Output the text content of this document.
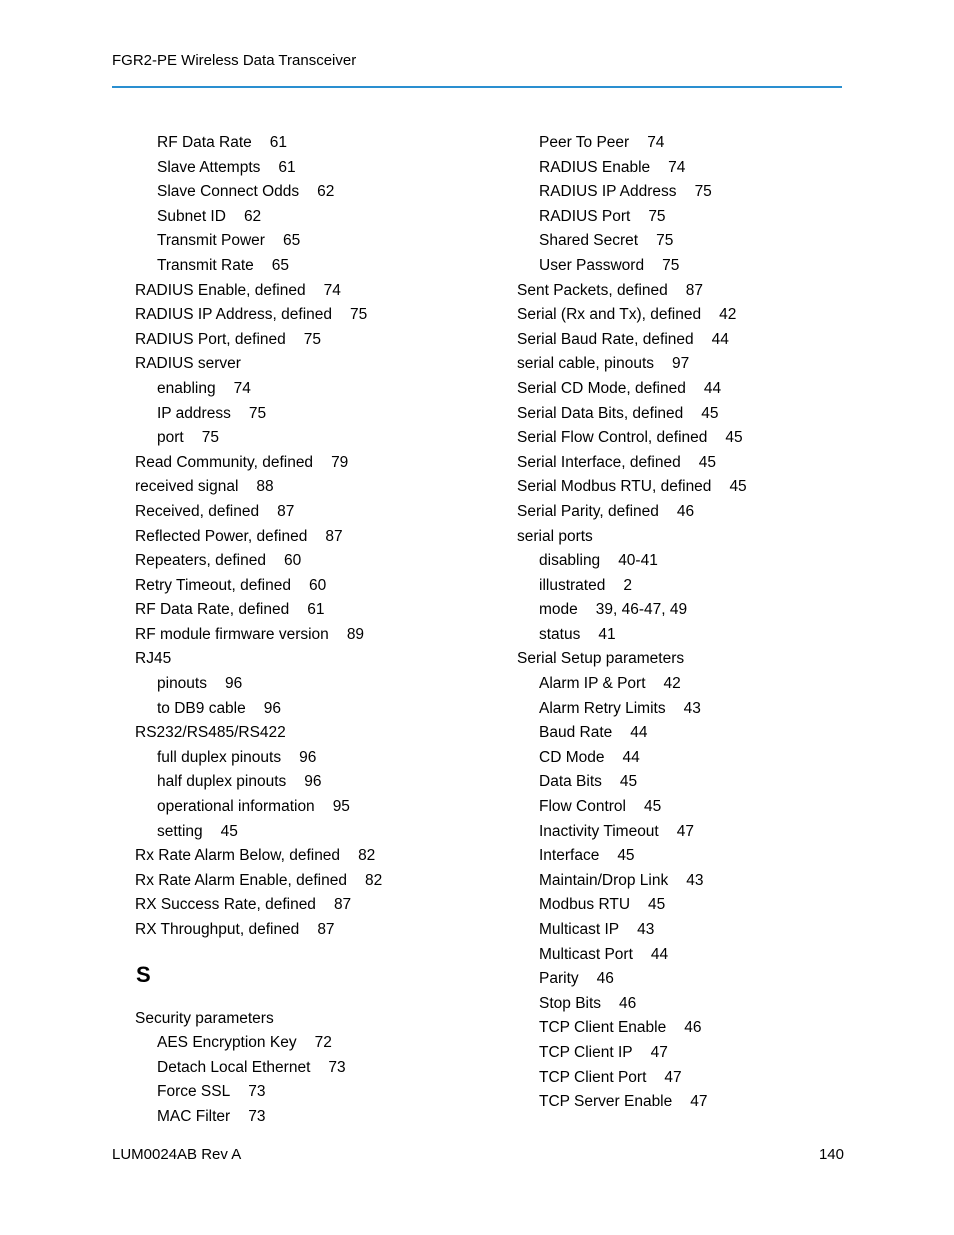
FGR2-PE Wireless Data Transceiver
RF Data Rate 61
Slave Attempts 61
Slave Connect Odds 62
Subnet ID 62
Transmit Power 65
Transmit Rate 65
RADIUS Enable, defined 74
RADIUS IP Address, defined 75
RADIUS Port, defined 75
RADIUS server
enabling 74
IP address 75
port 75
Read Community, defined 79
received signal 88
Received, defined 87
Reflected Power, defined 87
Repeaters, defined 60
Retry Timeout, defined 60
RF Data Rate, defined 61
RF module firmware version 89
RJ45
pinouts 96
to DB9 cable 96
RS232/RS485/RS422
full duplex pinouts 96
half duplex pinouts 96
operational information 95
setting 45
Rx Rate Alarm Below, defined 82
Rx Rate Alarm Enable, defined 82
RX Success Rate, defined 87
RX Throughput, defined 87
S
Security parameters
AES Encryption Key 72
Detach Local Ethernet 73
Force SSL 73
MAC Filter 73
Peer To Peer 74
RADIUS Enable 74
RADIUS IP Address 75
RADIUS Port 75
Shared Secret 75
User Password 75
Sent Packets, defined 87
Serial (Rx and Tx), defined 42
Serial Baud Rate, defined 44
serial cable, pinouts 97
Serial CD Mode, defined 44
Serial Data Bits, defined 45
Serial Flow Control, defined 45
Serial Interface, defined 45
Serial Modbus RTU, defined 45
Serial Parity, defined 46
serial ports
disabling 40-41
illustrated 2
mode 39, 46-47, 49
status 41
Serial Setup parameters
Alarm IP & Port 42
Alarm Retry Limits 43
Baud Rate 44
CD Mode 44
Data Bits 45
Flow Control 45
Inactivity Timeout 47
Interface 45
Maintain/Drop Link 43
Modbus RTU 45
Multicast IP 43
Multicast Port 44
Parity 46
Stop Bits 46
TCP Client Enable 46
TCP Client IP 47
TCP Client Port 47
TCP Server Enable 47
LUM0024AB Rev A	140
